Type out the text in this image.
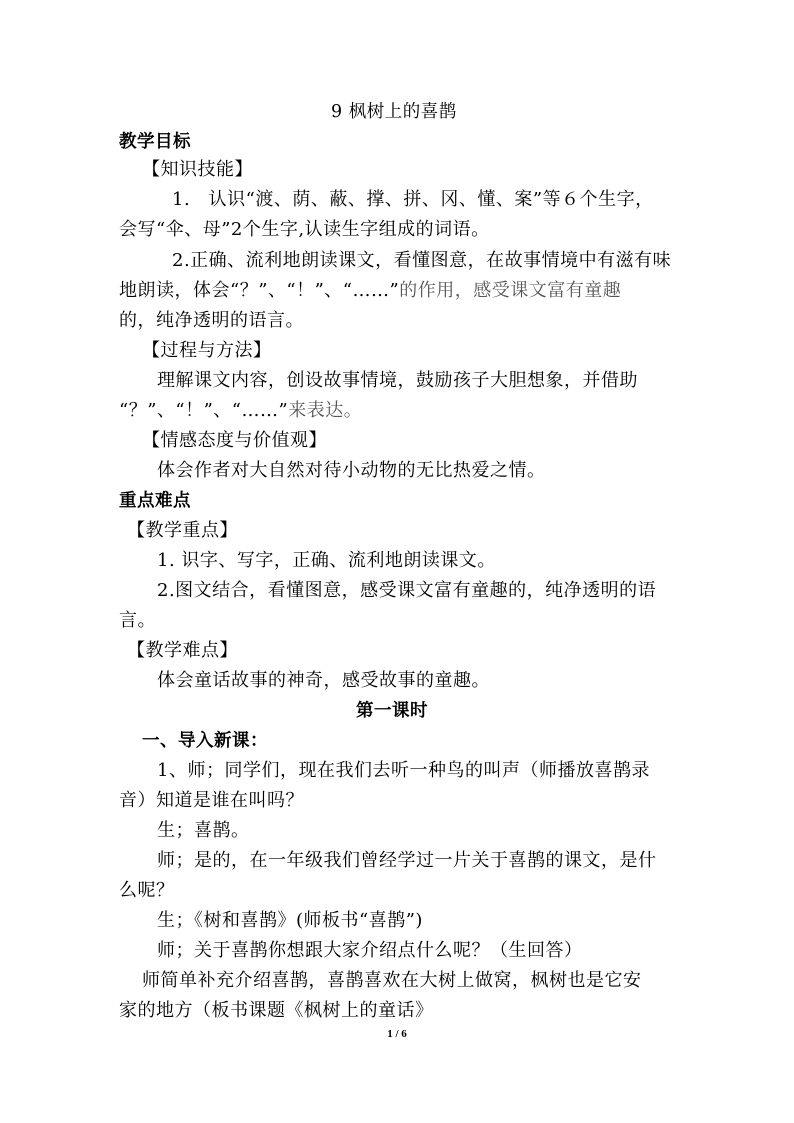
9 枫树上的喜鹊
教学目标
【知识技能】
1.　认识“渡、荫、蔽、撑、拼、冈、懂、案”等６个生字，
会写“伞、母”2个生字,认读生字组成的词语。
2.正确、流利地朗读课文，看懂图意，在故事情境中有滋有味
地朗读，体会“？”、“！”、“……”的作用，感受课文富有童趣
的，纯净透明的语言。
【过程与方法】
理解课文内容，创设故事情境，鼓励孩子大胆想象，并借助
“？”、“！”、“……”来表达。
【情感态度与价值观】
体会作者对大自然对待小动物的无比热爱之情。
重点难点
【教学重点】
1. 识字、写字，正确、流利地朗读课文。
2.图文结合，看懂图意，感受课文富有童趣的，纯净透明的语
言。
【教学难点】
体会童话故事的神奇，感受故事的童趣。
第一课时
一、导入新课：
1、师；同学们，现在我们去听一种鸟的叫声（师播放喜鹊录
音）知道是谁在叫吗？
生；喜鹊。
师；是的，在一年级我们曾经学过一片关于喜鹊的课文，是什
么呢？
生；《树和喜鹊》(师板书“喜鹊”)
师；关于喜鹊你想跟大家介绍点什么呢？（生回答）
师简单补充介绍喜鹊，喜鹊喜欢在大树上做窝，枫树也是它安
家的地方（板书课题《枫树上的童话》
1 / 6
